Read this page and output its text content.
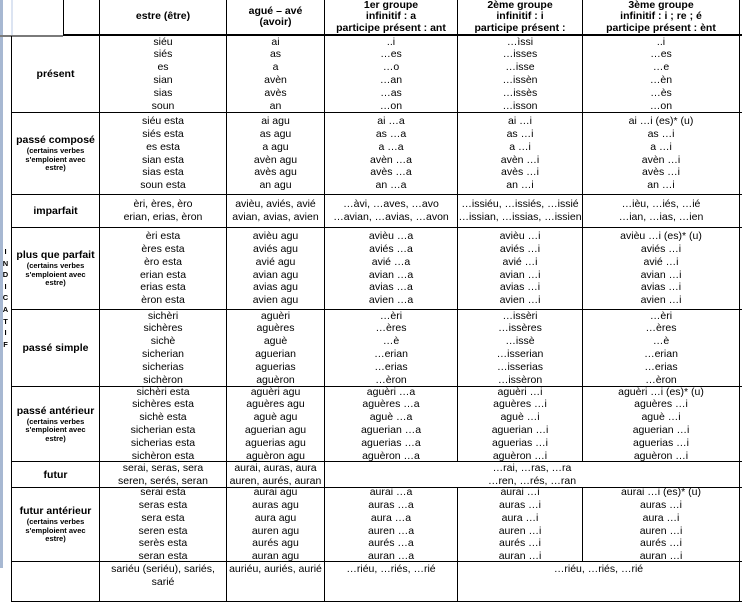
I
N
D
I
C
A
T
I
F
estre (être)	agué – avé
(avoir)
1er groupe
infinitif : a
participe présent : ant
2ème groupe
infinitif : i
participe présent :
3ème groupe
infinitif : i ; re ; é
participe présent : ènt
présent
siéu
siés
es
sian
sias
soun
ai
as
a
avèn
avès
an
..i
…es
…o
…an
…as
…on
…ìssi
…isses
…isse
…issèn
…issès
…isson
..i
…es
…e
…èn
…ès
…on
passé composé
(certains verbes s'emploient avec estre)
siéu esta
siés esta
es esta
sian esta
sias esta
soun esta
ai agu
as agu
a agu
avèn agu
avès agu
an agu
ai …a
as …a
a …a
avèn …a
avès …a
an …a
ai …i
as …i
a …i
avèn …i
avès …i
an …i
ai …i (es)* (u)
as …i
a …i
avèn …i
avès …i
an …i
imparfait
èri, ères, èro
erian, erias, èron
avièu, aviés, avié
avian, avias, avien
…àvi, …aves, …avo
…avian, …avias, …avon
…issiéu, …issiés, …issié
…issian, …issias, …issien
…ièu, …iés, …ié
…ian, …ias, …ien
plus que parfait
(certains verbes s'emploient avec estre)
èri esta
ères esta
èro esta
erian esta
erias esta
èron esta
avièu agu
aviés agu
avié agu
avian agu
avias agu
avien agu
avièu …a
aviés …a
avié …a
avian …a
avias …a
avien …a
avièu …i
aviés …i
avié …i
avian …i
avias …i
avien …i
avièu …i (es)* (u)
aviés …i
avié …i
avian …i
avias …i
avien …i
passé simple
sichèri
sichères
sichè
sicherian
sicherias
sichèron
aguèri
aguères
aguè
aguerian
aguerias
aguèron
…èri
…ères
…è
…erian
…erias
…èron
…issèri
…issères
…issè
…isserian
…isserias
…issèron
…èri
…ères
…è
…erian
…erias
…èron
passé antérieur
(certains verbes s'emploient avec estre)
sichèri esta
sichères esta
sichè esta
sicherian esta
sicherias esta
sichèron esta
aguèri agu
aguères agu
aguè agu
aguerian agu
aguerias agu
aguèron agu
aguèri …a
aguères …a
aguè …a
aguerian …a
aguerias …a
aguèron …a
aguèri …i
aguères …i
aguè …i
aguerian …i
aguerias …i
aguèron …i
aguèri …i (es)* (u)
aguères …i
aguè …i
aguerian …i
aguerias …i
aguèron …i
futur
serai, seras, sera
seren, serés, seran
aurai, auras, aura
auren, aurés, auran
…rai, …ras, …ra
…ren, …rés, …ran
futur antérieur
(certains verbes s'emploient avec estre)
serai esta
seras esta
sera esta
seren esta
serès esta
seran esta
aurai agu
auras agu
aura agu
auren agu
aurés agu
auran agu
aurai …a
auras …a
aura …a
auren …a
aurés …a
auran …a
aurai …i
auras …i
aura …i
auren …i
aurés …i
auran …i
aurai …i (es)* (u)
auras …i
aura …i
auren …i
aurés …i
auran …i
sariéu (seriéu), sariés, sarié
auriéu, auriés, aurié …riéu, …riés, …rié	…riéu, …riés, …rié
